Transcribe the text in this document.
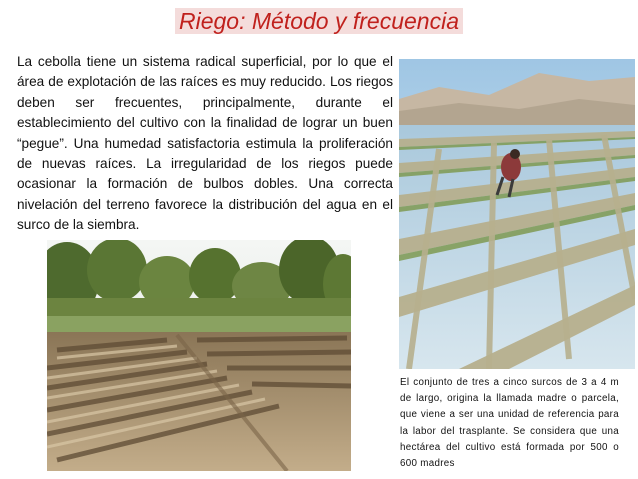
Riego: Método y frecuencia
La cebolla tiene un sistema radical superficial, por lo que el área de explotación de las raíces es muy reducido. Los riegos deben ser frecuentes, principalmente, durante el establecimiento del cultivo con la finalidad de lograr un buen “pegue”. Una humedad satisfactoria estimula la proliferación de nuevas raíces. La irregularidad de los riegos puede ocasionar la formación de bulbos dobles. Una correcta nivelación del terreno favorece la distribución del agua en el surco de la siembra.
El conjunto de tres a cinco surcos de 3 a 4 m de largo, origina la llamada madre o parcela, que viene a ser una unidad de referencia para la labor del trasplante. Se considera que una hectárea del cultivo está formada por 500 o 600 madres
